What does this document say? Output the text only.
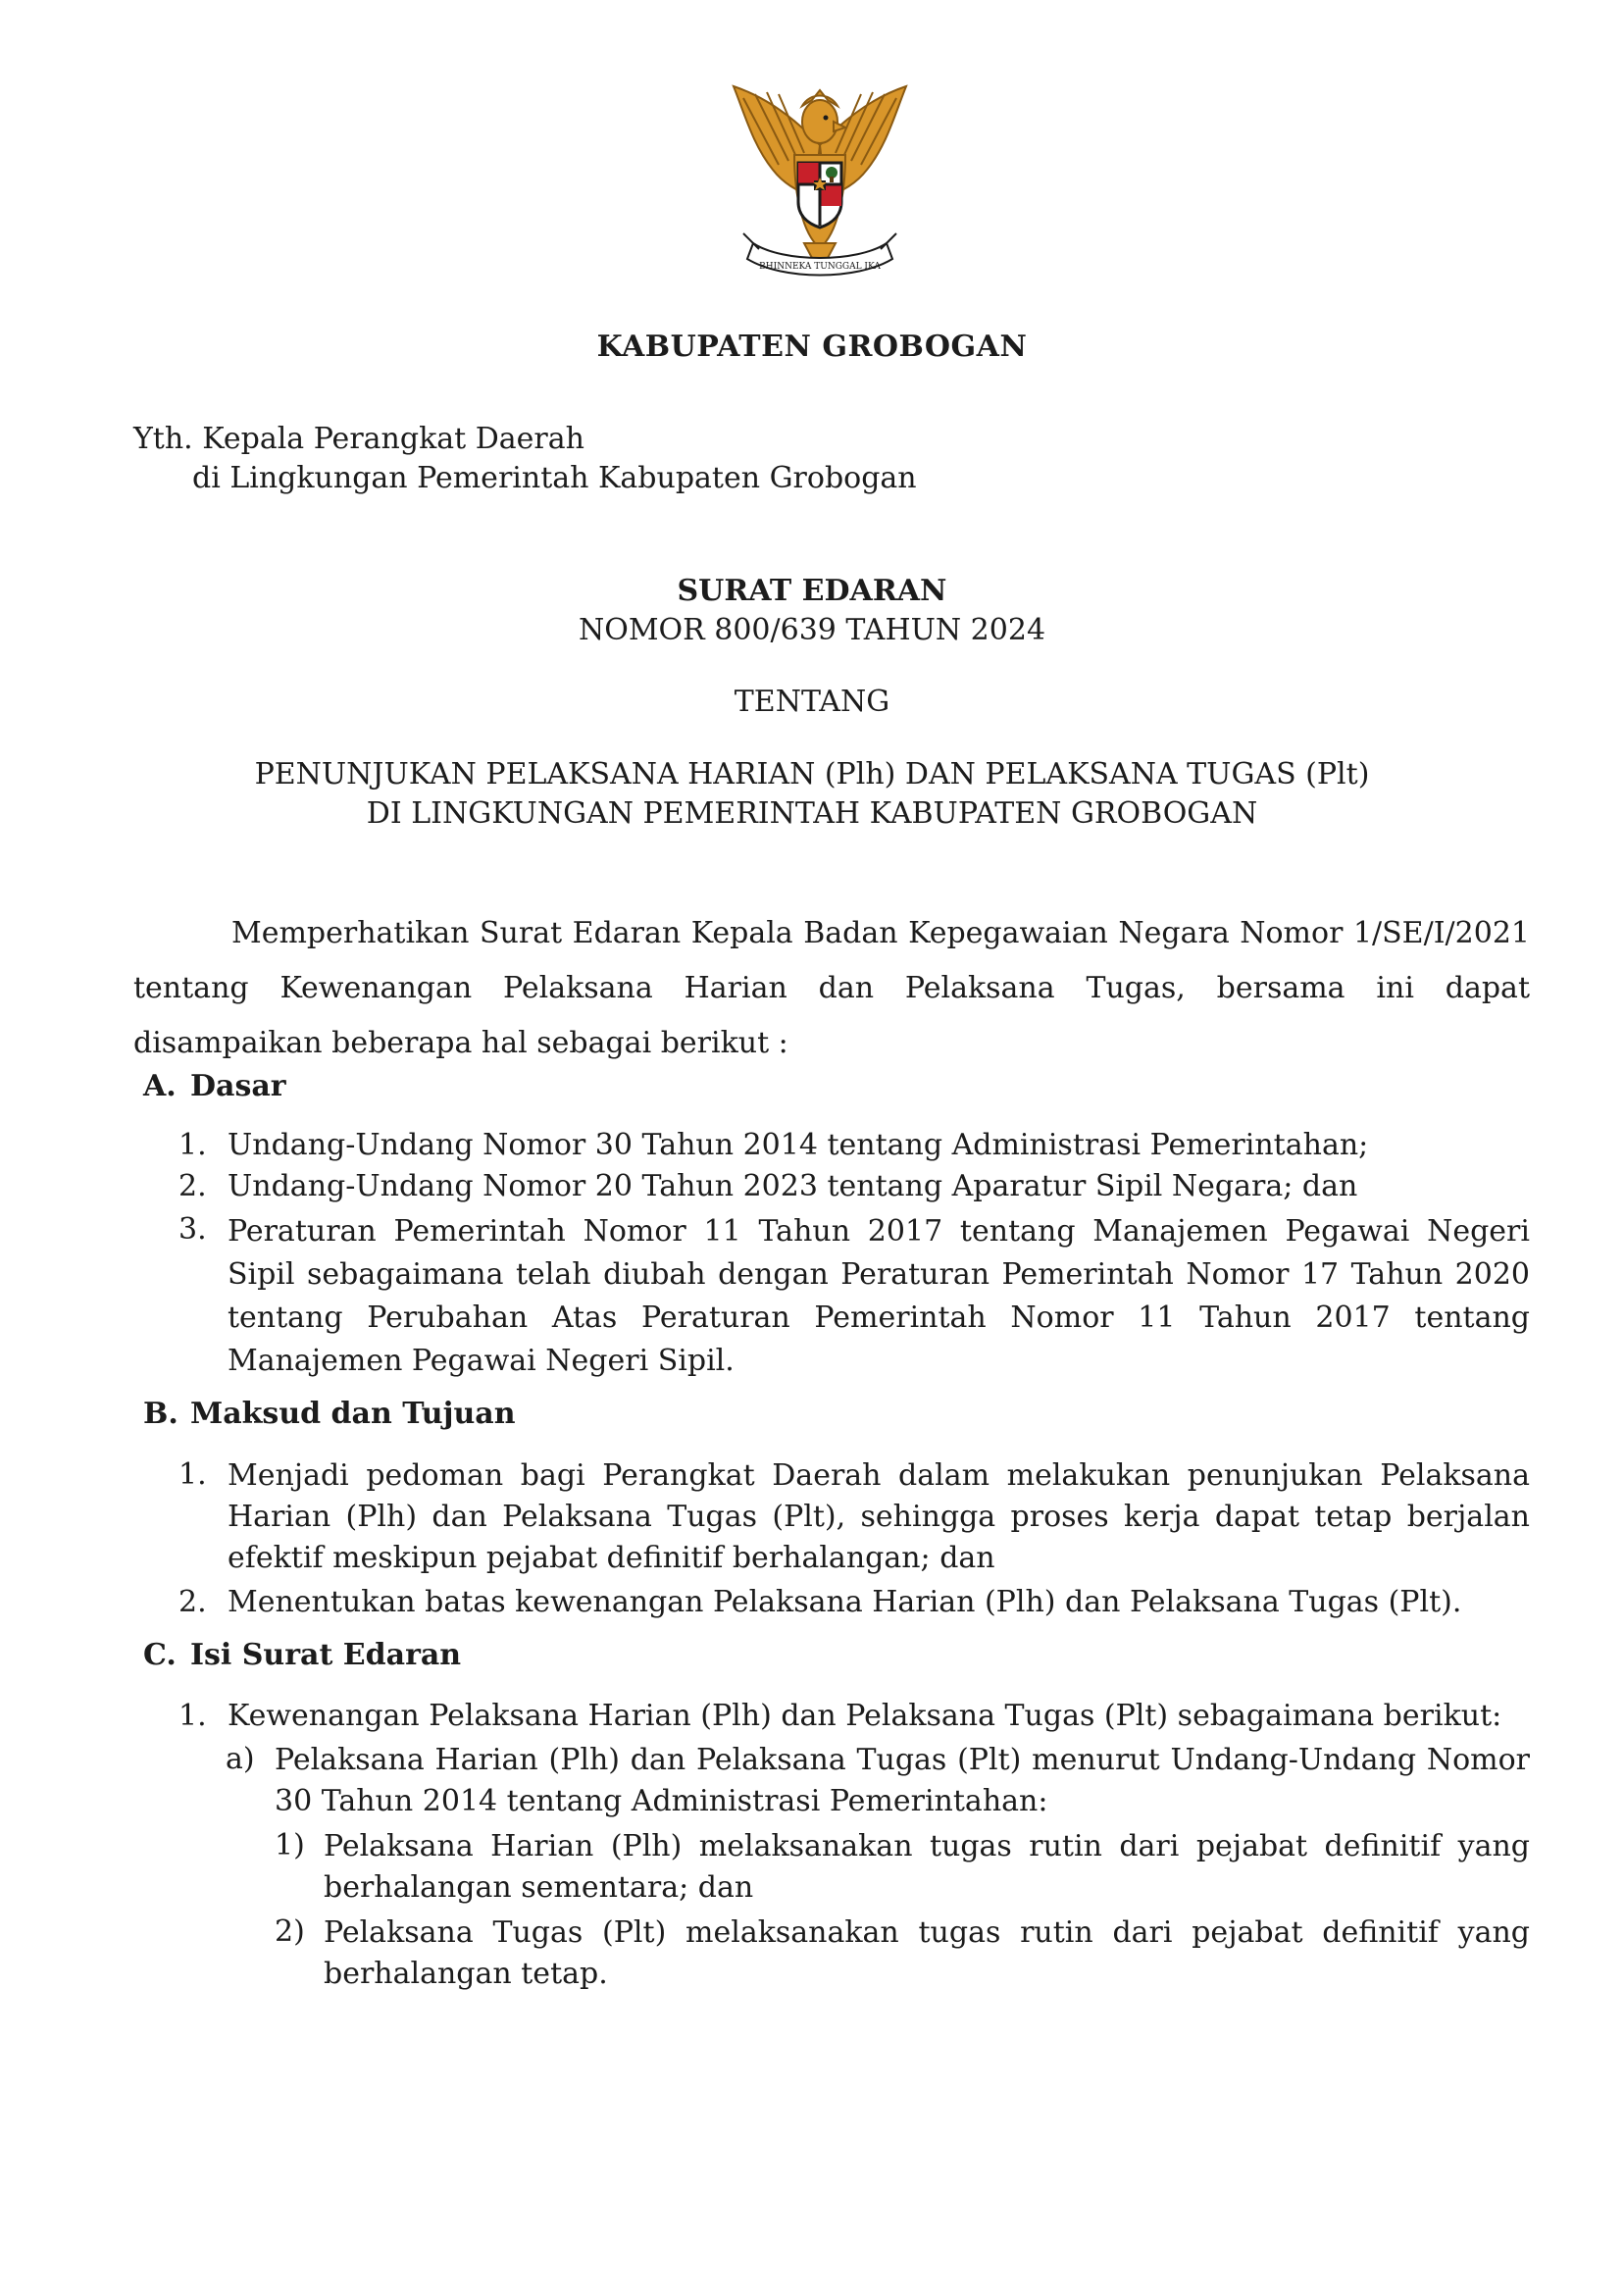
BHINNEKA TUNGGAL IKA
KABUPATEN GROBOGAN
Yth. Kepala Perangkat Daerah
di Lingkungan Pemerintah Kabupaten Grobogan
SURAT EDARAN
NOMOR 800/639 TAHUN 2024
TENTANG
PENUNJUKAN PELAKSANA HARIAN (Plh) DAN PELAKSANA TUGAS (Plt)
DI LINGKUNGAN PEMERINTAH KABUPATEN GROBOGAN
Memperhatikan Surat Edaran Kepala Badan Kepegawaian Negara Nomor 1/SE/I/2021 tentang Kewenangan Pelaksana Harian dan Pelaksana Tugas, bersama ini dapat disampaikan beberapa hal sebagai berikut :
A. Dasar
1. Undang-Undang Nomor 30 Tahun 2014 tentang Administrasi Pemerintahan;
2. Undang-Undang Nomor 20 Tahun 2023 tentang Aparatur Sipil Negara; dan
3. Peraturan Pemerintah Nomor 11 Tahun 2017 tentang Manajemen Pegawai Negeri Sipil sebagaimana telah diubah dengan Peraturan Pemerintah Nomor 17 Tahun 2020 tentang Perubahan Atas Peraturan Pemerintah Nomor 11 Tahun 2017 tentang Manajemen Pegawai Negeri Sipil.
B. Maksud dan Tujuan
1. Menjadi pedoman bagi Perangkat Daerah dalam melakukan penunjukan Pelaksana Harian (Plh) dan Pelaksana Tugas (Plt), sehingga proses kerja dapat tetap berjalan efektif meskipun pejabat definitif berhalangan; dan
2. Menentukan batas kewenangan Pelaksana Harian (Plh) dan Pelaksana Tugas (Plt).
C. Isi Surat Edaran
1. Kewenangan Pelaksana Harian (Plh) dan Pelaksana Tugas (Plt) sebagaimana berikut:
a) Pelaksana Harian (Plh) dan Pelaksana Tugas (Plt) menurut Undang-Undang Nomor 30 Tahun 2014 tentang Administrasi Pemerintahan:
1) Pelaksana Harian (Plh) melaksanakan tugas rutin dari pejabat definitif yang berhalangan sementara; dan
2) Pelaksana Tugas (Plt) melaksanakan tugas rutin dari pejabat definitif yang berhalangan tetap.
